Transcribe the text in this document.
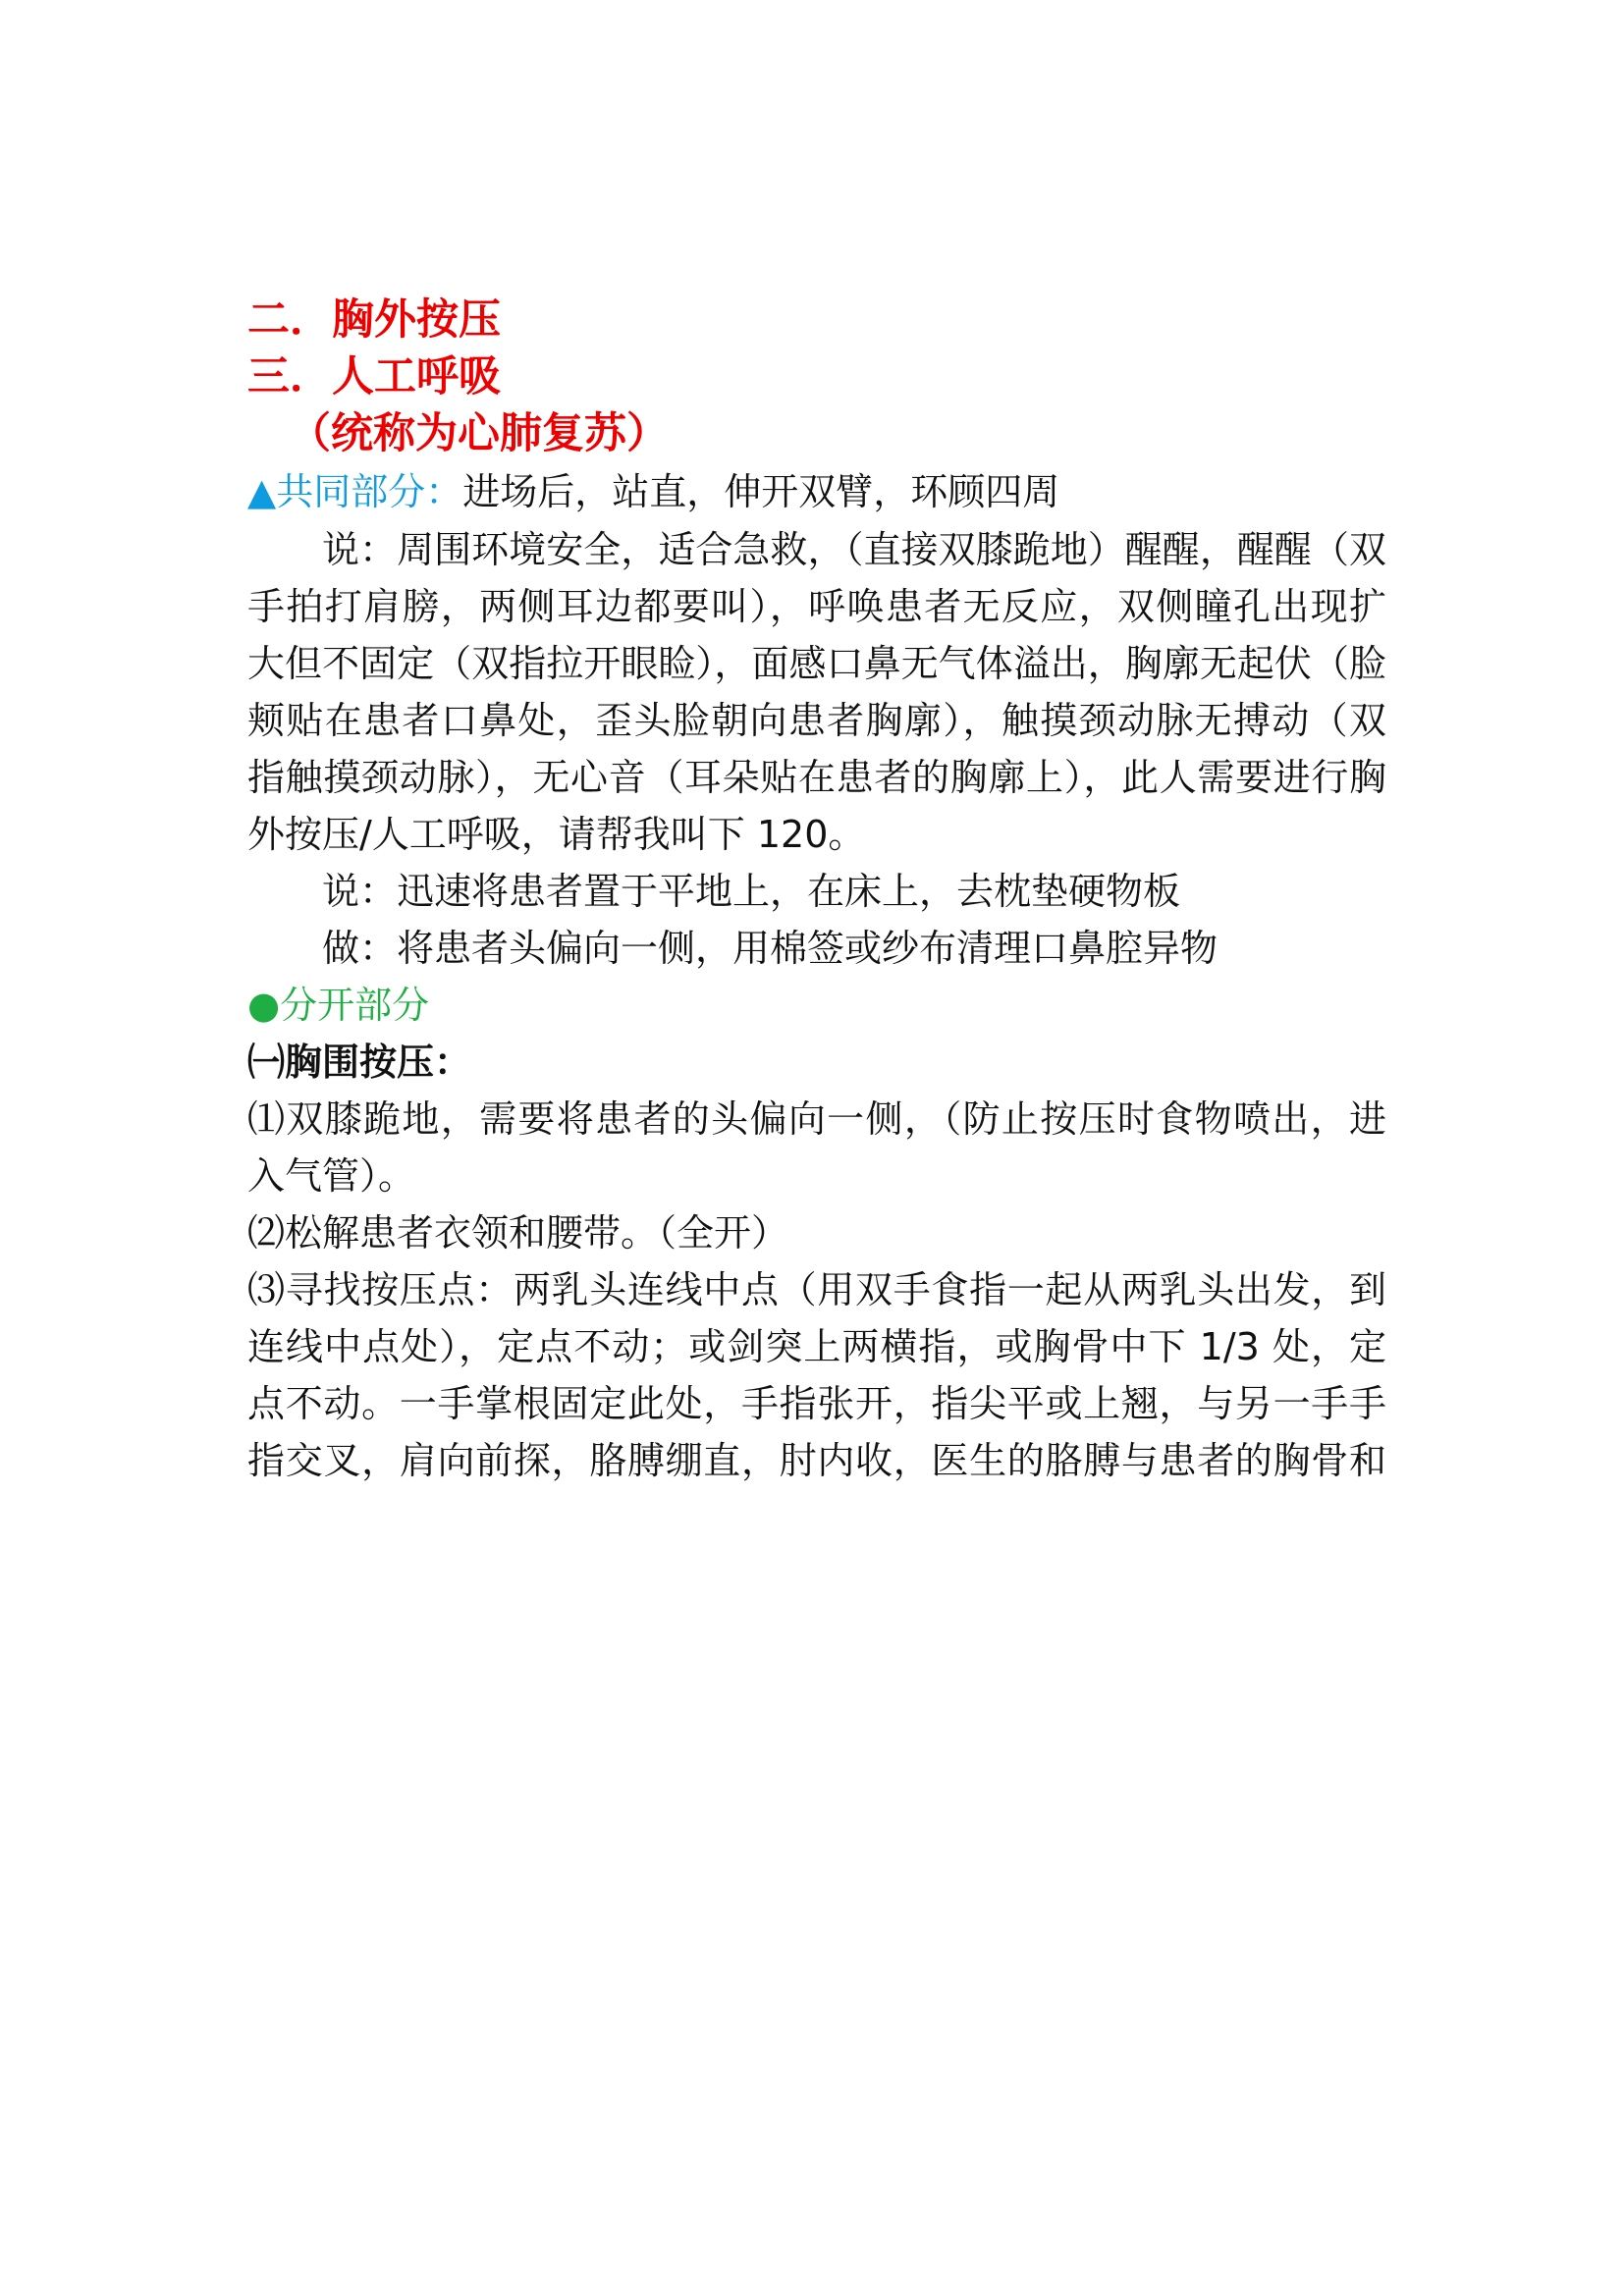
二．胸外按压
三．人工呼吸
（统称为心肺复苏）
▲共同部分：进场后，站直，伸开双臂，环顾四周
说：周围环境安全，适合急救，（直接双膝跪地）醒醒，醒醒（双
手拍打肩膀，两侧耳边都要叫），呼唤患者无反应，双侧瞳孔出现扩
大但不固定（双指拉开眼睑），面感口鼻无气体溢出，胸廓无起伏（脸
颊贴在患者口鼻处，歪头脸朝向患者胸廓），触摸颈动脉无搏动（双
指触摸颈动脉），无心音（耳朵贴在患者的胸廓上），此人需要进行胸
外按压/人工呼吸，请帮我叫下 120。
说：迅速将患者置于平地上，在床上，去枕垫硬物板
做：将患者头偏向一侧，用棉签或纱布清理口鼻腔异物
●分开部分
㈠胸围按压：
⑴双膝跪地，需要将患者的头偏向一侧，（防止按压时食物喷出，进
入气管）。
⑵松解患者衣领和腰带。（全开）
⑶寻找按压点：两乳头连线中点（用双手食指一起从两乳头出发，到
连线中点处），定点不动；或剑突上两横指，或胸骨中下 1/3 处，定
点不动。一手掌根固定此处，手指张开，指尖平或上翘，与另一手手
指交叉，肩向前探，胳膊绷直，肘内收，医生的胳膊与患者的胸骨和
